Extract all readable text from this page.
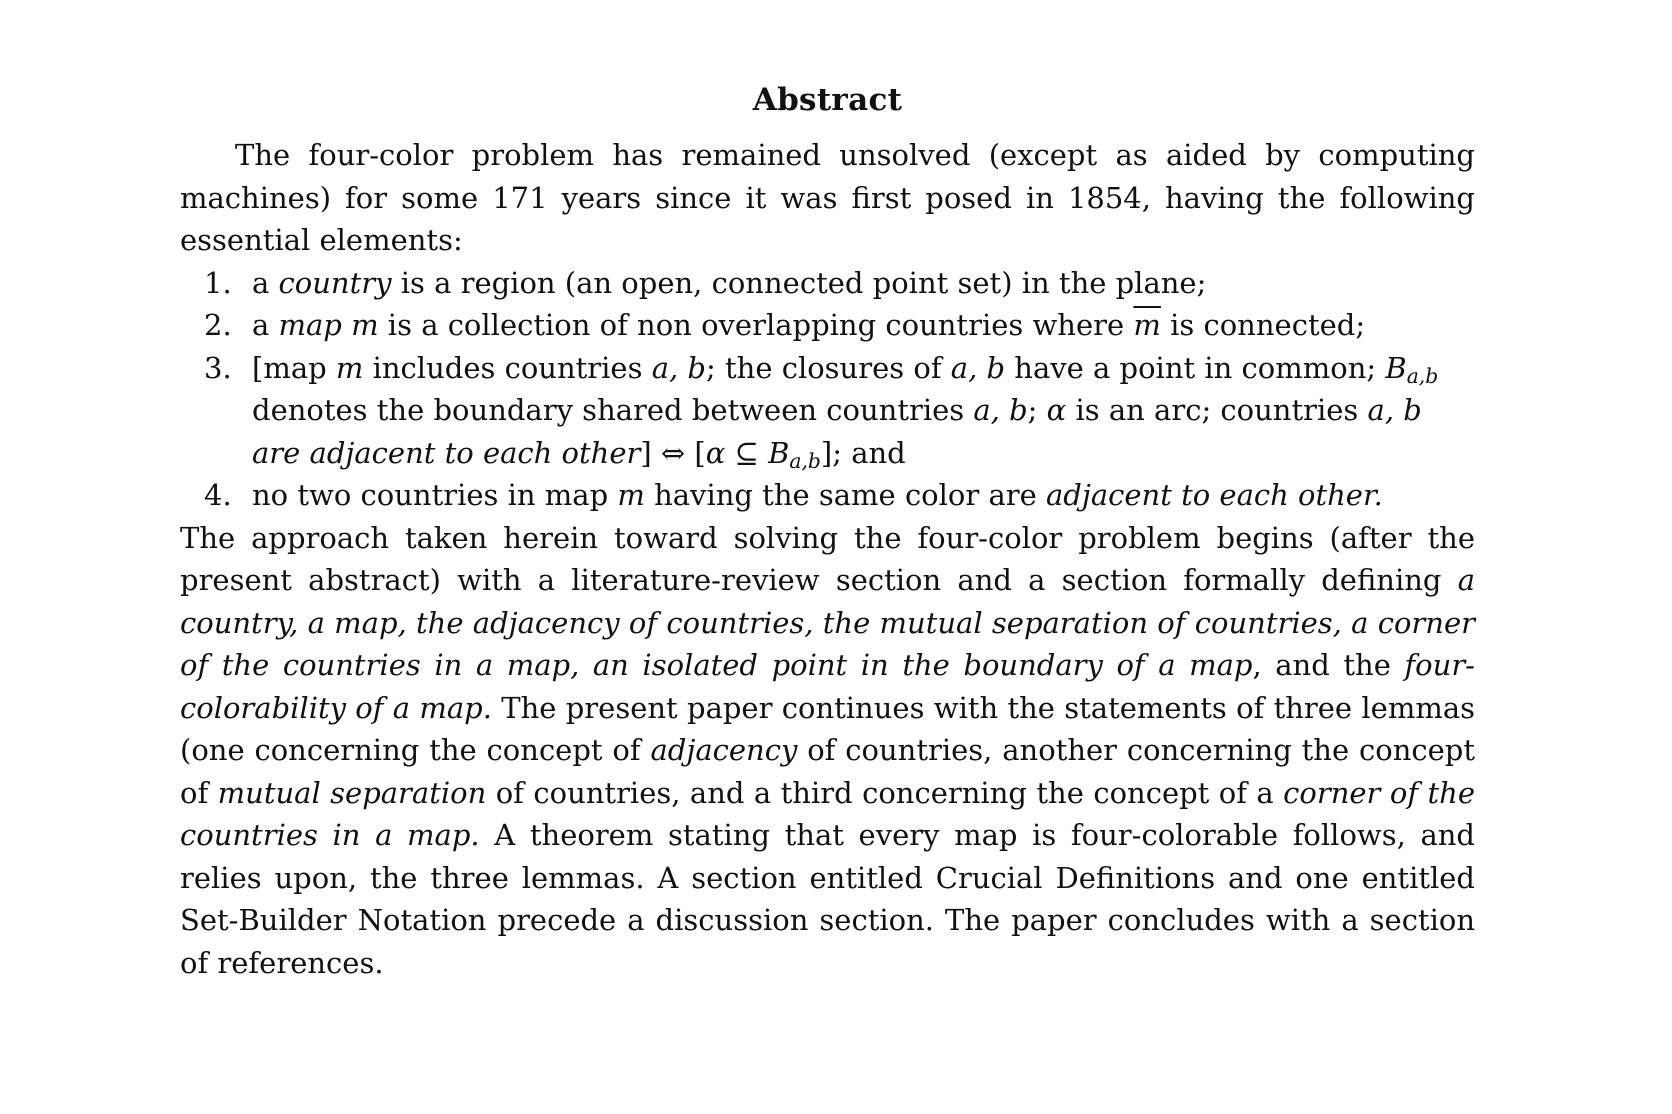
Abstract

The four-color problem has remained unsolved (except as aided by computing machines) for some 171 years since it was first posed in 1854, having the following essential elements:

1. a country is a region (an open, connected point set) in the plane;
2. a map m is a collection of non overlapping countries where $\overline{m}$ is connected;
3. [map m includes countries a, b; the closures of a, b have a point in common; $B_{a,b}$ denotes the boundary shared between countries a, b; α is an arc; countries a, b are adjacent to each other] ⇔ [α ⊆ $B_{a,b}$]; and
4. no two countries in map m having the same color are adjacent to each other.

The approach taken herein toward solving the four-color problem begins (after the present abstract) with a literature-review section and a section formally defining a country, a map, the adjacency of countries, the mutual separation of countries, a corner of the countries in a map, an isolated point in the boundary of a map, and the four-colorability of a map. The present paper continues with the statements of three lemmas (one concerning the concept of adjacency of countries, another concerning the concept of mutual separation of countries, and a third concerning the concept of a corner of the countries in a map. A theorem stating that every map is four-colorable follows, and relies upon, the three lemmas. A section entitled Crucial Definitions and one entitled Set-Builder Notation precede a discussion section. The paper concludes with a section of references.
